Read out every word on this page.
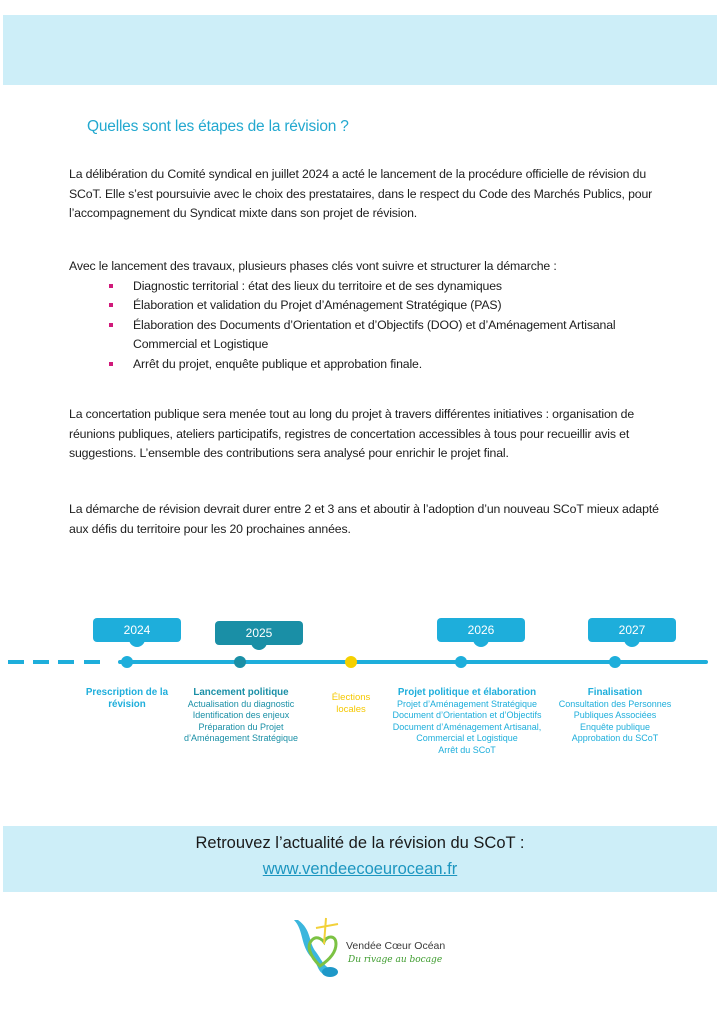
Quelles sont les étapes de la révision ?

La délibération du Comité syndical en juillet 2024 a acté le lancement de la procédure officielle de révision du SCoT. Elle s’est poursuivie avec le choix des prestataires, dans le respect du Code des Marchés Publics, pour l’accompagnement du Syndicat mixte dans son projet de révision.

Avec le lancement des travaux, plusieurs phases clés vont suivre et structurer la démarche :
Diagnostic territorial : état des lieux du territoire et de ses dynamiques
Élaboration et validation du Projet d’Aménagement Stratégique (PAS)
Élaboration des Documents d’Orientation et d’Objectifs (DOO) et d’Aménagement Artisanal Commercial et Logistique
Arrêt du projet, enquête publique et approbation finale.

La concertation publique sera menée tout au long du projet à travers différentes initiatives : organisation de réunions publiques, ateliers participatifs, registres de concertation accessibles à tous pour recueillir avis et suggestions. L’ensemble des contributions sera analysé pour enrichir le projet final.

La démarche de révision devrait durer entre 2 et 3 ans et aboutir à l’adoption d’un nouveau SCoT mieux adapté aux défis du territoire pour les 20 prochaines années.

2024	2025	2026	2027
Prescription de la révision
Lancement politique
Actualisation du diagnostic
Identification des enjeux
Préparation du Projet
d’Aménagement Stratégique
Élections locales
Projet politique et élaboration
Projet d’Aménagement Stratégique
Document d’Orientation et d’Objectifs
Document d’Aménagement Artisanal,
Commercial et Logistique
Arrêt du SCoT
Finalisation
Consultation des Personnes
Publiques Associées
Enquête publique
Approbation du SCoT
Retrouvez l’actualité de la révision du SCoT :
www.vendeecoeurocean.fr
Vendée Cœur Océan
Du rivage au bocage
